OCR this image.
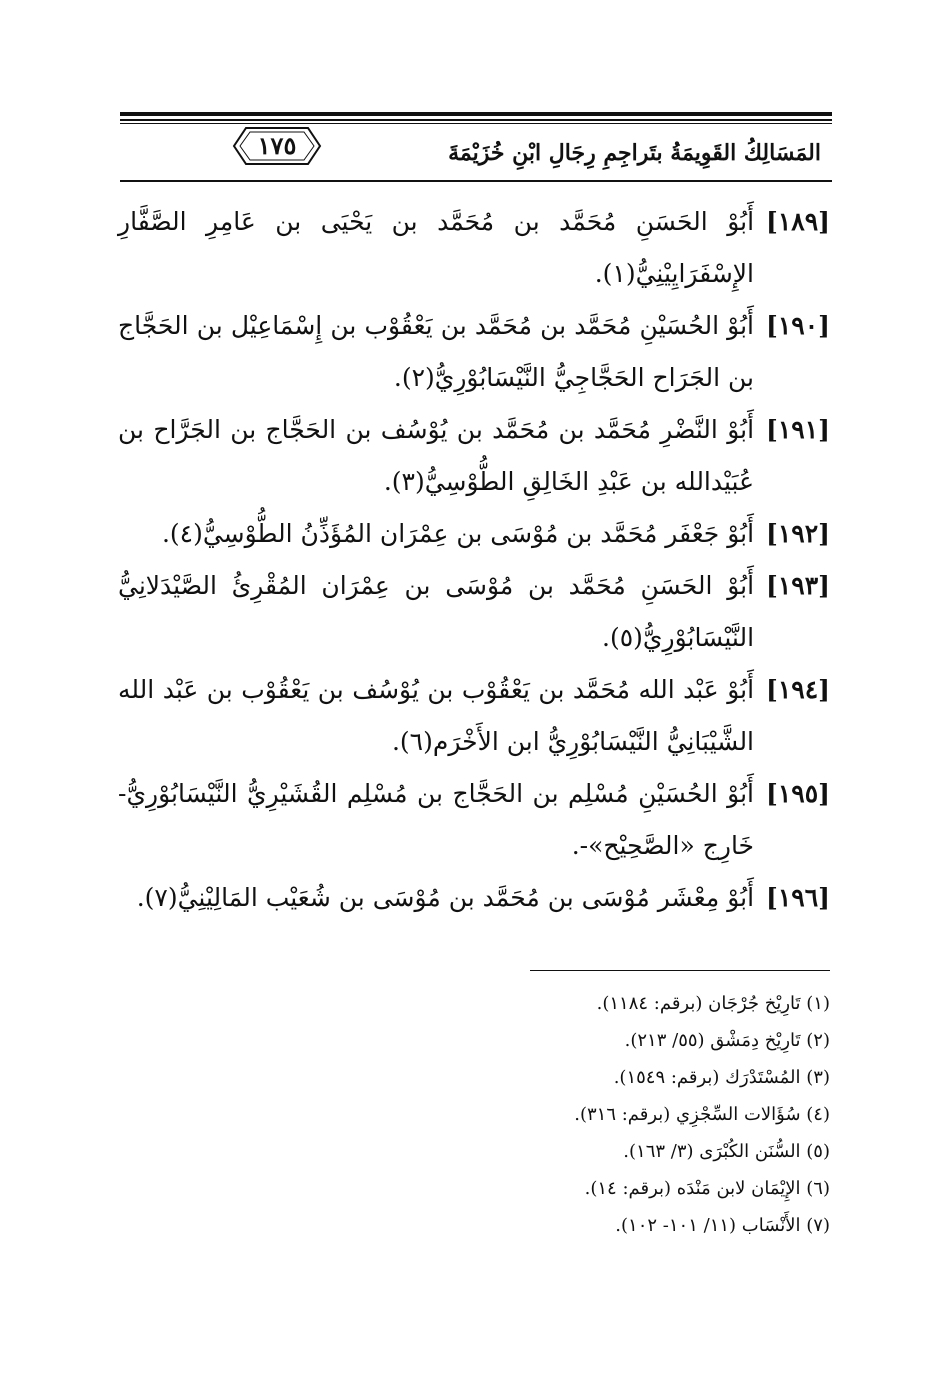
١٧٥	المَسَالِكُ القَوِيمَةُ بتَراجِمِ رِجَالِ ابْنِ خُزَيْمَةَ
[١٨٩]
أَبُوْ الحَسَنِ مُحَمَّد بن مُحَمَّد بن يَحْيَى بن عَامِرِ الصَّفَّارِ الإِسْفَرَايِيْنِيُّ(١).
[١٩٠]
أَبُوْ الحُسَيْنِ مُحَمَّد بن مُحَمَّد بن يَعْقُوْب بن إِسْمَاعِيْل بن الحَجَّاج بن الجَرَاح الحَجَّاجِيُّ النَّيْسَابُوْرِيُّ(٢).
[١٩١]
أَبُوْ النَّضْرِ مُحَمَّد بن مُحَمَّد بن يُوْسُف بن الحَجَّاج بن الجَرَّاح بن عُبَيْدالله بن عَبْدِ الخَالِقِ الطُّوْسِيُّ(٣).
[١٩٢]
أَبُوْ جَعْفَر مُحَمَّد بن مُوْسَى بن عِمْرَان المُؤَذِّنُ الطُّوْسِيُّ(٤).
[١٩٣]
أَبُوْ الحَسَنِ مُحَمَّد بن مُوْسَى بن عِمْرَان المُقْرِئُ الصَّيْدَلانِيُّ النَّيْسَابُوْرِيُّ(٥).
[١٩٤]
أَبُوْ عَبْد الله مُحَمَّد بن يَعْقُوْب بن يُوْسُف بن يَعْقُوْب بن عَبْد الله الشَّيْبَانِيُّ النَّيْسَابُوْرِيُّ ابن الأَخْرَم(٦).
[١٩٥]
أَبُوْ الحُسَيْنِ مُسْلِم بن الحَجَّاج بن مُسْلِم القُشَيْرِيُّ النَّيْسَابُوْرِيُّ- خَارِج «الصَّحِيْح»-.
[١٩٦]
أَبُوْ مِعْشَر مُوْسَى بن مُحَمَّد بن مُوْسَى بن شُعَيْب المَالِيْنِيُّ(٧).
(١) تَارِيْخ جُرْجَان (برقم: ١١٨٤).
(٢) تَارِيْخ دِمَشْق (٥٥/ ٢١٣).
(٣) المُسْتَدْرَك (برقم: ١٥٤٩).
(٤) سُؤَالات السِّجْزِي (برقم: ٣١٦).
(٥) السُّنَن الكُبْرَى (٣/ ١٦٣).
(٦) الإِيْمَان لابن مَنْدَه (برقم: ١٤).
(٧) الأَنْسَاب (١١/ ١٠١- ١٠٢).
